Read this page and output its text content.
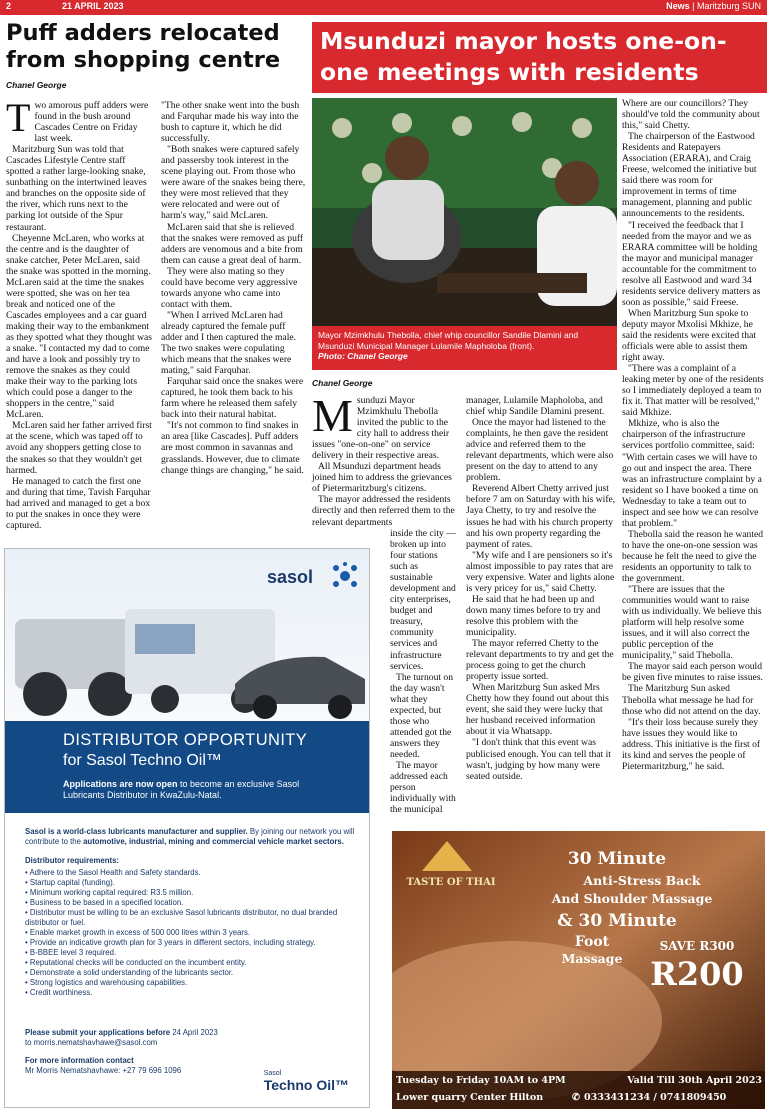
2	21 APRIL 2023	News | Maritzburg SUN
Puff adders relocated from shopping centre
Chanel George

Two amorous puff adders were found in the bush around Cascades Centre on Friday last week.

Maritzburg Sun was told that Cascades Lifestyle Centre staff spotted a rather large-looking snake, sunbathing on the intertwined leaves and branches on the opposite side of the river, which runs next to the parking lot outside of the Spur restaurant.

Cheyenne McLaren, who works at the centre and is the daughter of snake catcher, Peter McLaren, said the snake was spotted in the morning. McLaren said at the time the snakes were spotted, she was on her tea break and noticed one of the Cascades employees and a car guard making their way to the embankment as they spotted what they thought was a snake. "I contacted my dad to come and have a look and possibly try to remove the snakes as they could make their way to the parking lots which could pose a danger to the shoppers in the centre," said McLaren.

McLaren said her father arrived first at the scene, which was taped off to avoid any shoppers getting close to the snakes so that they wouldn't get harmed.

He managed to catch the first one and during that time, Tavish Farquhar had arrived and managed to get a box to put the snakes in once they were captured.

"The other snake went into the bush and Farquhar made his way into the bush to capture it, which he did successfully.

"Both snakes were captured safely and passersby took interest in the scene playing out. From those who were aware of the snakes being there, they were most relieved that they were relocated and were out of harm's way," said McLaren.

McLaren said that she is relieved that the snakes were removed as puff adders are venomous and a bite from them can cause a great deal of harm.

They were also mating so they could have become very aggressive towards anyone who came into contact with them.

"When I arrived McLaren had already captured the female puff adder and I then captured the male. The two snakes were copulating which means that the snakes were mating," said Farquhar.

Farquhar said once the snakes were captured, he took them back to his farm where he released them safely back into their natural habitat.

"It's not common to find snakes in an area [like Cascades]. Puff adders are most common in savannas and grasslands. However, due to climate change things are changing," he said.

Msunduzi mayor hosts one-on-one meetings with residents
Mayor Mzimkhulu Thebolla, chief whip councillor Sandile Dlamini and Msunduzi Municipal Manager Lulamile Mapholoba (front).
Photo: Chanel George
Chanel George

Msunduzi Mayor Mzimkhulu Thebolla invited the public to the city hall to address their issues "one-on-one" on service delivery in their respective areas.

All Msunduzi department heads joined him to address the grievances of Pietermaritzburg's citizens.

The mayor addressed the residents directly and then referred them to the relevant departments

inside the city — broken up into four stations such as sustainable development and city enterprises, budget and treasury, community services and infrastructure services.

The turnout on the day wasn't what they expected, but those who attended got the answers they needed.

The mayor addressed each person individually with the municipal

manager, Lulamile Mapholoba, and chief whip Sandile Dlamini present.

Once the mayor had listened to the complaints, he then gave the resident advice and referred them to the relevant departments, which were also present on the day to attend to any problem.

Reverend Albert Chetty arrived just before 7 am on Saturday with his wife, Jaya Chetty, to try and resolve the issues he had with his church property and his own property regarding the payment of rates.

"My wife and I are pensioners so it's almost impossible to pay rates that are very expensive. Water and lights alone is very pricey for us," said Chetty.

He said that he had been up and down many times before to try and resolve this problem with the municipality.

The mayor referred Chetty to the relevant departments to try and get the process going to get the church property issue sorted.

When Maritzburg Sun asked Mrs Chetty how they found out about this event, she said they were lucky that her husband received information about it via Whatsapp.

"I don't think that this event was publicised enough. You can tell that it wasn't, judging by how many were seated outside.

Where are our councillors? They should've told the community about this," said Chetty.

The chairperson of the Eastwood Residents and Ratepayers Association (ERARA), and Craig Freese, welcomed the initiative but said there was room for improvement in terms of time management, planning and public announcements to the residents.

"I received the feedback that I needed from the mayor and we as ERARA committee will be holding the mayor and municipal manager accountable for the commitment to resolve all Eastwood and ward 34 residents service delivery matters as soon as possible," said Freese.

When Maritzburg Sun spoke to deputy mayor Mxolisi Mkhize, he said the residents were excited that officials were able to assist them right away.

"There was a complaint of a leaking meter by one of the residents so I immediately deployed a team to fix it. That matter will be resolved," said Mkhize.

Mkhize, who is also the chairperson of the infrastructure services portfolio committee, said: "With certain cases we will have to go out and inspect the area. There was an infrastructure complaint by a resident so I have booked a time on Wednesday to take a team out to inspect and see how we can resolve that problem."

Thebolla said the reason he wanted to have the one-on-one session was because he felt the need to give the residents an opportunity to talk to the government.

"There are issues that the communities would want to raise with us individually. We believe this platform will help resolve some issues, and it will also correct the public perception of the municipality," said Thebolla.

The mayor said each person would be given five minutes to raise issues.

The Maritzburg Sun asked Thebolla what message he had for those who did not attend on the day.

"It's their loss because surely they have issues they would like to address. This initiative is the first of its kind and serves the people of Pietermaritzburg," he said.

sasol
DISTRIBUTOR OPPORTUNITY
for Sasol Techno Oil™
Applications are now open to become an exclusive Sasol Lubricants Distributor in KwaZulu-Natal.
Sasol is a world-class lubricants manufacturer and supplier. By joining our network you will contribute to the automotive, industrial, mining and commercial vehicle market sectors.
Distributor requirements:
• Adhere to the Sasol Health and Safety standards.
• Startup capital (funding).
• Minimum working capital required: R3.5 million.
• Business to be based in a specified location.
• Distributor must be willing to be an exclusive Sasol lubricants distributor, no dual branded distributor or fuel.
• Enable market growth in excess of 500 000 litres within 3 years.
• Provide an indicative growth plan for 3 years in different sectors, including strategy.
• B-BBEE level 3 required.
• Reputational checks will be conducted on the incumbent entity.
• Demonstrate a solid understanding of the lubricants sector.
• Strong logistics and warehousing capabilities.
• Credit worthiness.
Please submit your applications before 24 April 2023
to morris.nematshavhawe@sasol.com
For more information contact
Mr Morris Nematshavhawe: +27 79 696 1096	Sasol
Techno Oil™
TASTE OF THAI
30 Minute
Anti-Stress Back
And Shoulder Massage
& 30 Minute
Foot
Massage
SAVE R300
R200
Tuesday to Friday 10AM to 4PM	Valid Till 30th April 2023
Lower quarry Center Hilton	✆ 0333431234 / 0741809450
